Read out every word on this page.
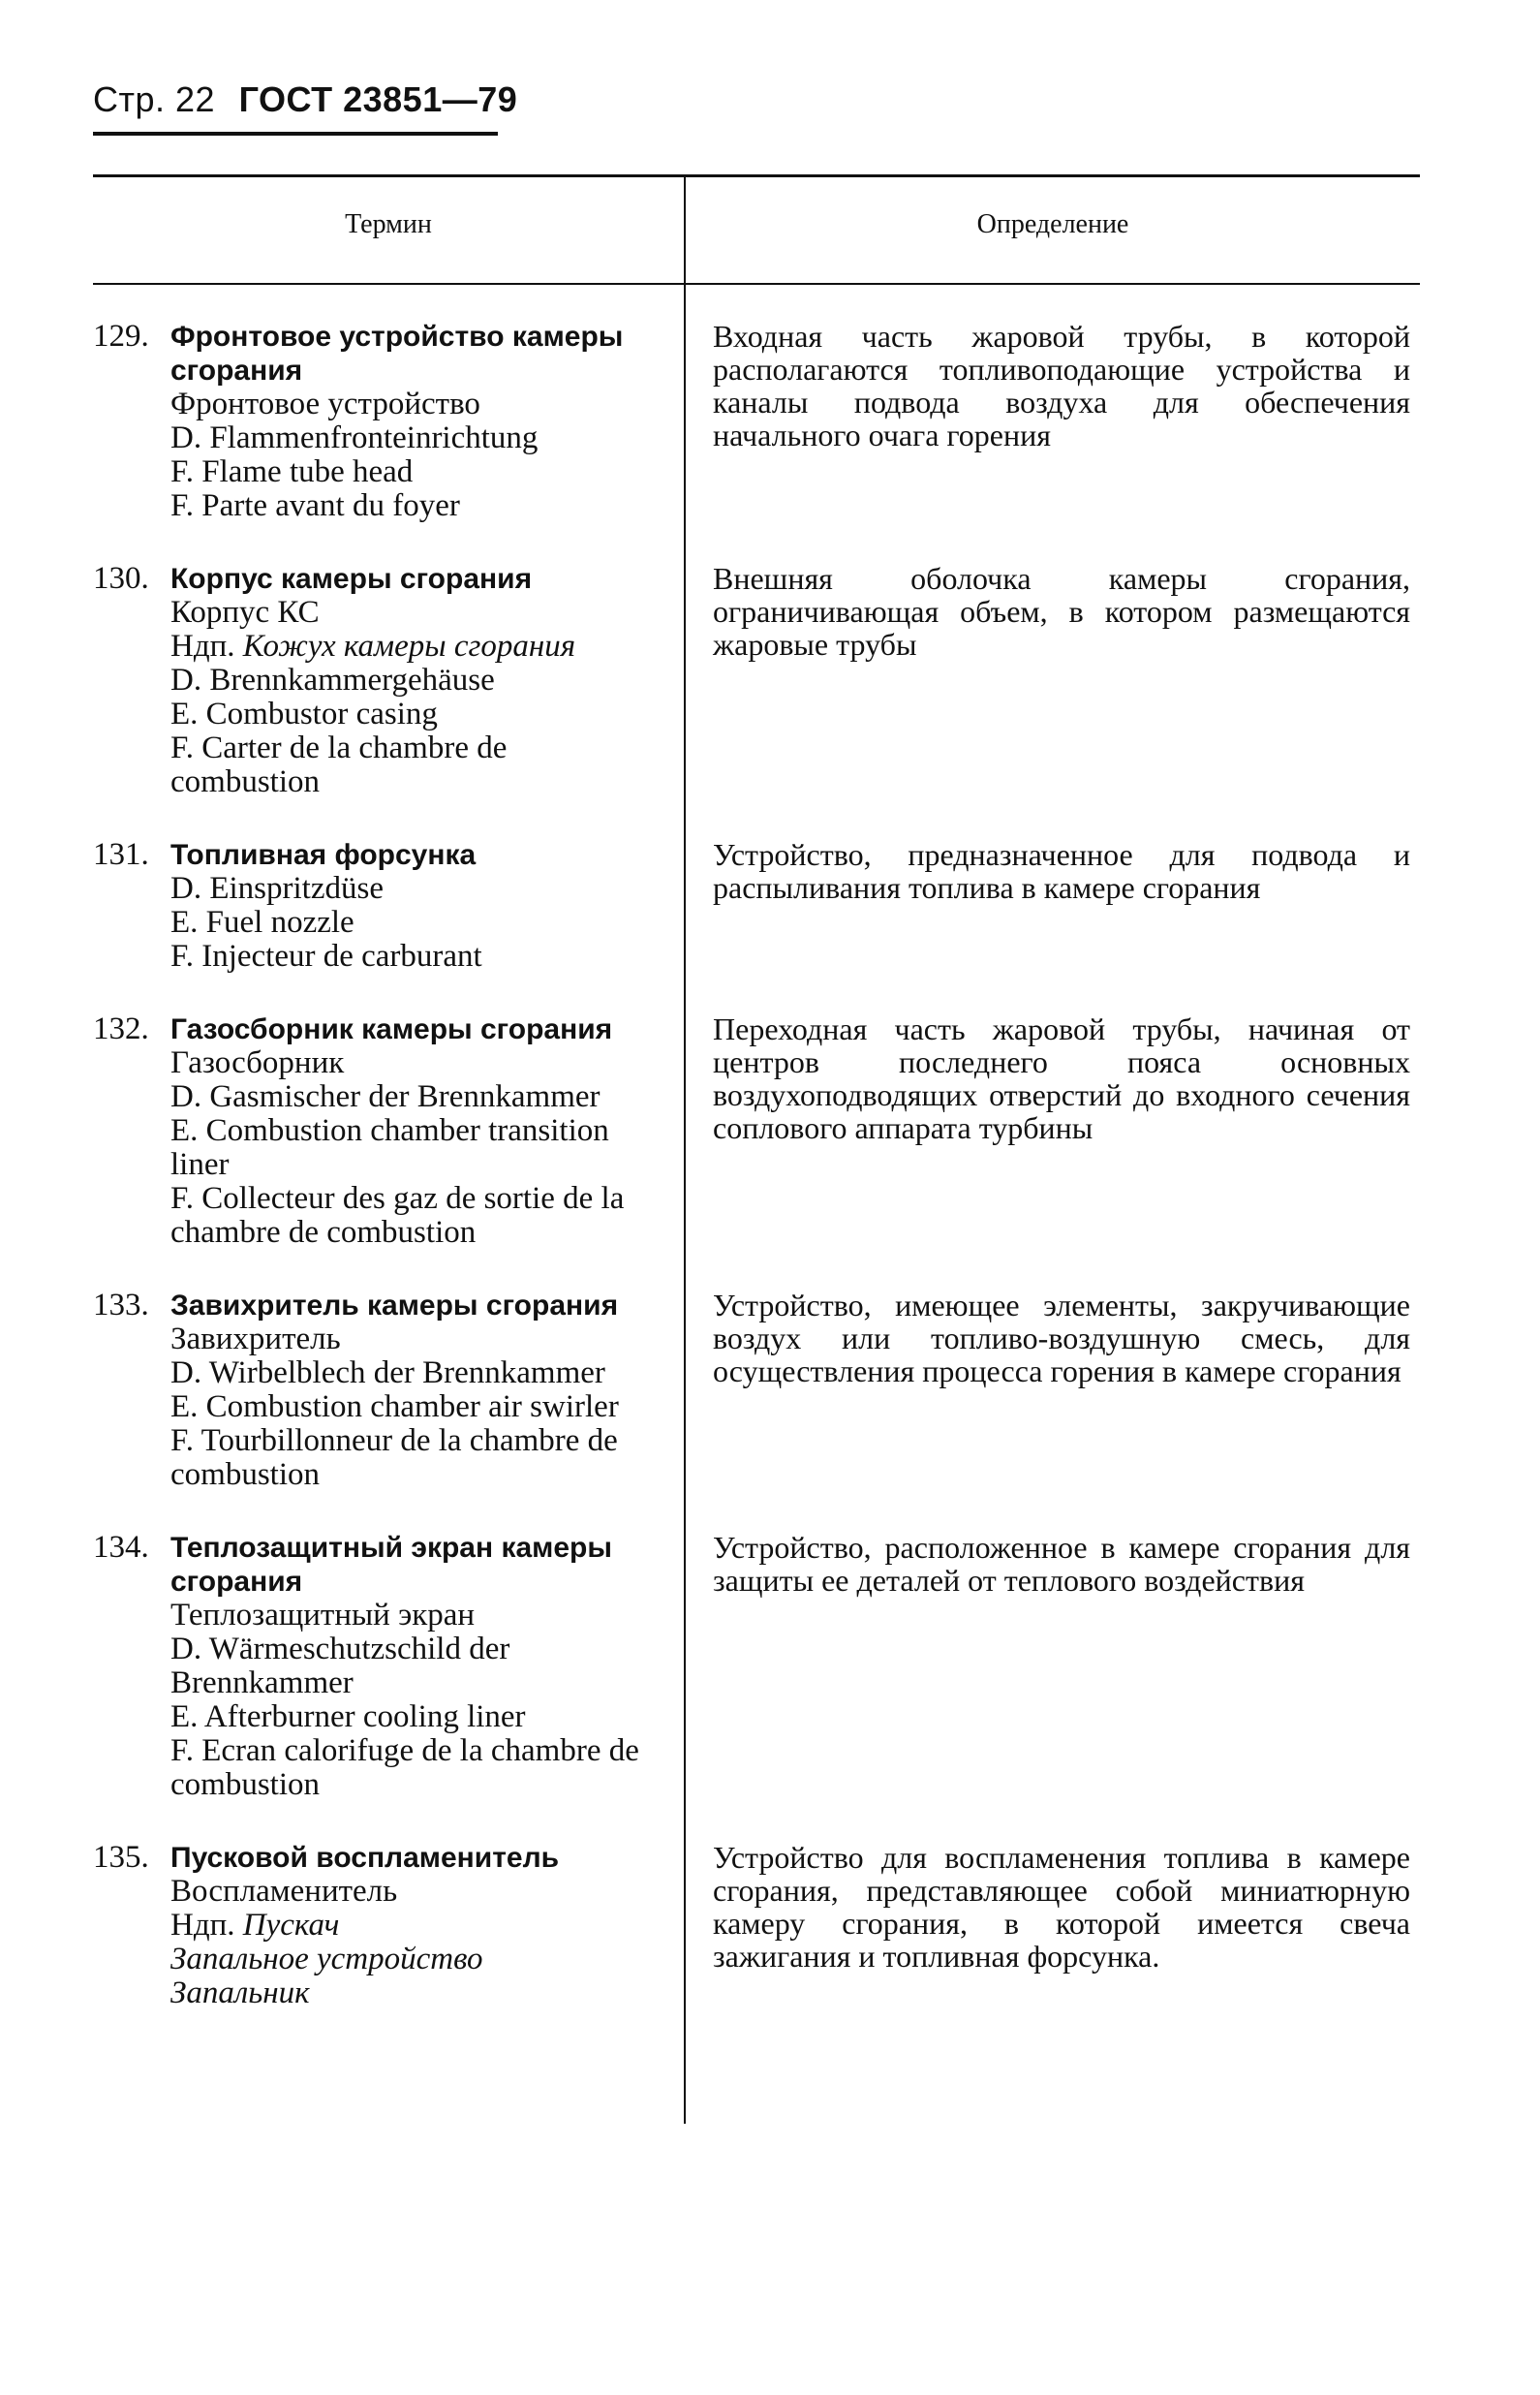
Стр. 22 ГОСТ 23851—79
Термин	Определение
129. Фронтовое устройство камеры сгорания
Фронтовое устройство
D. Flammenfronteinrichtung
F. Flame tube head
F. Parte avant du foyer
Входная часть жаровой трубы, в которой располагаются топливоподающие устройства и каналы подвода воздуха для обеспечения начального очага горения
130. Корпус камеры сгорания
Корпус КС
Ндп. Кожух камеры сгорания
D. Brennkammergehäuse
E. Combustor casing
F. Carter de la chambre de combustion
Внешняя оболочка камеры сгорания, ограничивающая объем, в котором размещаются жаровые трубы
131. Топливная форсунка
D. Einspritzdüse
E. Fuel nozzle
F. Injecteur de carburant
Устройство, предназначенное для подвода и распыливания топлива в камере сгорания
132. Газосборник камеры сгорания
Газосборник
D. Gasmischer der Brennkammer
E. Combustion chamber transition liner
F. Collecteur des gaz de sortie de la chambre de combustion
Переходная часть жаровой трубы, начиная от центров последнего пояса основных воздухоподводящих отверстий до входного сечения соплового аппарата турбины
133. Завихритель камеры сгорания
Завихритель
D. Wirbelblech der Brennkammer
E. Combustion chamber air swirler
F. Tourbillonneur de la chambre de combustion
Устройство, имеющее элементы, закручивающие воздух или топливо-воздушную смесь, для осуществления процесса горения в камере сгорания
134. Теплозащитный экран камеры сгорания
Теплозащитный экран
D. Wärmeschutzschild der Brennkammer
E. Afterburner cooling liner
F. Ecran calorifuge de la chambre de combustion
Устройство, расположенное в камере сгорания для защиты ее деталей от теплового воздействия
135. Пусковой воспламенитель
Воспламенитель
Ндп. Пускач
Запальное устройство
Запальник
Устройство для воспламенения топлива в камере сгорания, представляющее собой миниатюрную камеру сгорания, в которой имеется свеча зажигания и топливная форсунка.
